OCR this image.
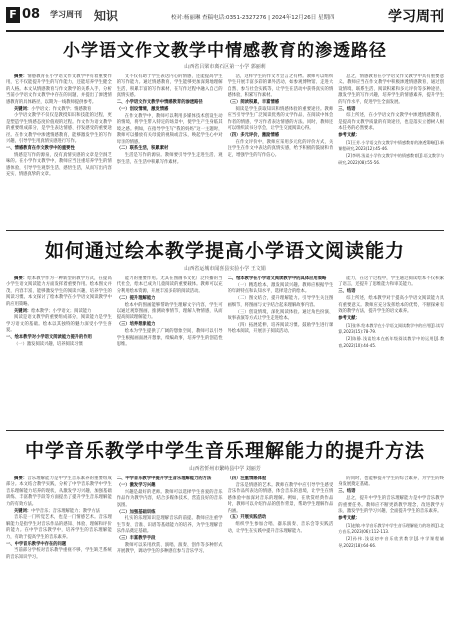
F 08 学习周刊 知识	校对:杨丽琳 查稿电话:0351-2327276 | 2024年12月26日 星期四	学习周刊
小学语文作文教学中情感教育的渗透路径
山西省吕梁市离石区第一小学 郭丽莉

摘要：情感教育在小学语文作文教学中有着重要作用，它不仅能提升学生的写作能力，还能培养学生健全的人格。本文从情感教育与作文教学的关系入手，分析当前小学语文作文教学中存在的问题，并提出了渗透情感教育的具体路径，以期为一线教师提供参考。

关键词：小学语文；作文教学；情感教育

小学语文教学不仅仅是教授知识和技能的过程，更是塑造学生情感态度价值观的过程。作文作为语文教学的重要组成部分，是学生表达情感、抒发感受的重要途径。在作文教学中渗透情感教育，能够激发学生的写作兴趣，引导学生用真情实感进行写作。

一、情感教育在作文教学中的重要性

情感是写作的源泉，没有真情实感的文章是空洞乏味的。在小学作文教学中，教师应当注重培养学生的情感体验，引导学生观察生活、感悟生活，从而写出内容充实、情感真挚的文章。

文不仅有助于学生表达内心的情感，还能提高学生的写作能力。通过情感教育，学生能够更加深刻地理解生活，积累丰富的写作素材，在写作过程中融入自己的真情实感。

二、小学语文作文教学中情感教育的渗透路径

（一）创设情境，激发情感

在作文教学中，教师可以利用多媒体技术创设生动的情境，将学生带入特定的场景中，使学生产生身临其境之感。例如，在指导学生写“我的妈妈”这一主题时，教师可以播放有关母爱的视频或音乐，唤起学生心中对母亲的情感。

（二）联系生活，积累素材

生活是写作的源泉。教师要引导学生走进生活、观察生活，在生活中积累写作素材。

活，这样学生的作文才会言之有物。教师可以组织学生开展丰富多彩的课外活动，如参观博物馆、走进大自然、参与社会实践等，让学生在活动中获得真实的情感体验，积累写作素材。

（三）阅读积累，丰富情感

阅读是学生获取知识和情感体验的重要途径。教师应当引导学生广泛阅读优秀的文学作品，在阅读中体会作者的情感，学习作者表达情感的方法。同时，教师还可以组织读书分享会，让学生交流阅读心得。

（四）多元评价，激励情感

在作文评价中，教师应采用多元化的评价方式，关注学生在作文中表达的真情实感，给予积极的鼓励和肯定，增强学生的写作信心。

总之，情感教育在小学语文作文教学中具有重要意义。教师应当在作文教学中积极渗透情感教育，通过创设情境、联系生活、阅读积累和多元评价等多种途径，激发学生的写作兴趣，培养学生的情感素养，提升学生的写作水平，促进学生全面发展。

三、结语

综上所述，在小学语文作文教学中渗透情感教育，是提高作文教学质量的有效途径，也是落实立德树人根本任务的必然要求。

参考文献：

[1]王芳.小学语文作文教学中情感教育的渗透策略[J].新课程研究,2023(12):45-46.

[2]李明.浅谈小学作文教学中的情感教育[J].语文教学与研究,2022(08):55-56.

如何通过绘本教学提高小学语文阅读能力
山西省运城市闻喜县实验小学 王文娟

摘要：绘本教学作为一种新型的教学方式，在提高小学生语文阅读能力方面发挥着重要作用。绘本图文并茂，内容丰富，能够激发学生的阅读兴趣，培养学生的阅读习惯。本文探讨了绘本教学在小学语文阅读教学中的应用策略。

关键词：绘本教学；小学语文；阅读能力

阅读是语文教学的重要组成部分，阅读能力是学生学习语文的基础。绘本以其独特的魅力深受小学生喜爱。

一、绘本教学对小学语文阅读能力提升的作用

（一）激发阅读兴趣，培养阅读习惯

能力的重要作用。尤其在图画书文化广泛传播的当代社会，绘本已成为儿童阅读的重要载体。教师可以充分利用绘本资源，开展丰富多彩的阅读活动。

（二）提升理解能力

绘本中的图画能够帮助学生理解文字内容，学生可以通过观察图画，推测故事情节，理解人物情感，从而提高阅读理解能力。

（三）培养想象能力

绘本为学生提供了广阔的想象空间，教师可以引导学生根据画面展开想象，续编故事，培养学生的创造性思维。

二、绘本教学在小学语文阅读教学中的具体应用策略

（一）精选绘本，激发阅读兴趣。教师应根据学生的年龄特点和认知水平，选择适合的绘本。

（二）图文结合，提升理解能力。引导学生关注图画细节，将图画与文字结合起来理解故事内容。

（三）创设情境，深化阅读体验。通过角色扮演、故事表演等方式让学生走进绘本。

（四）拓展延伸，培养阅读习惯。鼓励学生进行课外绘本阅读，开展亲子阅读活动。

能力，在这个过程中，学生通过阅读绘本不仅积累了语言，还提升了思维能力和审美能力。

三、结语

综上所述，绘本教学对于提高小学语文阅读能力具有重要意义。教师应充分发挥绘本的优势，不断探索有效的教学方法，提升学生的语文素养。

参考文献：

[1]张华.绘本教学在小学语文阅读教学中的应用[J].读写算,2023(15):78-79.

[2]陈静.浅谈绘本在低年级阅读教学中的运用[J].教育,2022(10):44-45.

中学音乐教学中学生音乐理解能力的提升方法
山西省忻州市繁峙县中学 刘丽芳

摘要：音乐理解能力是中学生音乐素养的重要组成部分。本文结合教学实践，分析了中学音乐教学中学生音乐理解能力培养的现状，从激发学习兴趣、加强基础训练、丰富教学手段等方面提出了提升学生音乐理解能力的有效方法。

关键词：中学音乐；音乐理解能力；教学方法

音乐是一门听觉艺术，也是一门情感艺术。音乐理解能力是指学生对音乐作品的感知、体验、理解和评价的能力。在中学音乐教学中，培养学生的音乐理解能力，有助于提高学生的音乐素养。

一、中学音乐教学中存在的问题

当前部分学校对音乐教学重视不够，学生缺乏系统的音乐知识学习。

二、中学音乐教学中提升学生音乐理解能力的方法

（一）激发学习兴趣

兴趣是最好的老师。教师可以选择学生喜爱的音乐作品作为教学内容，结合多媒体技术，营造良好的音乐氛围。

（二）加强基础训练

扎实的乐理知识是理解音乐的前提。教师应注重学生节奏、音准、识谱等基础能力的培养，为学生理解音乐作品奠定基础。

（三）丰富教学手段

教师可以采用欣赏、演唱、演奏、创作等多种形式开展教学，调动学生的多种感官参与音乐学习。

（四）注重情感体验

音乐是情感的艺术。教师在教学中应引导学生感受音乐作品所表达的情感，体会音乐的意境，让学生在情感体验中加深对音乐的理解。例如，在欣赏经典作品时，教师可以介绍作品的创作背景，帮助学生理解作品内涵。

（五）开展实践活动

组织学生参加合唱、器乐演奏、音乐会等实践活动，让学生在实践中提升音乐理解能力。

的同时，也能够提升学生的综合素养，为学生的终身发展奠定基础。

三、结语

总之，提升中学生的音乐理解能力是中学音乐教学的重要任务。教师应不断更新教学理念，改进教学方法，激发学生的学习兴趣，全面提升学生的音乐素养。

参考文献：

[1]赵敏.中学音乐教学中学生音乐理解能力的培养[J].北方音乐,2023(06):112-113.

[2]孙伟.浅谈初中音乐欣赏教学[J].中学课程辅导,2022(18):64-66.
